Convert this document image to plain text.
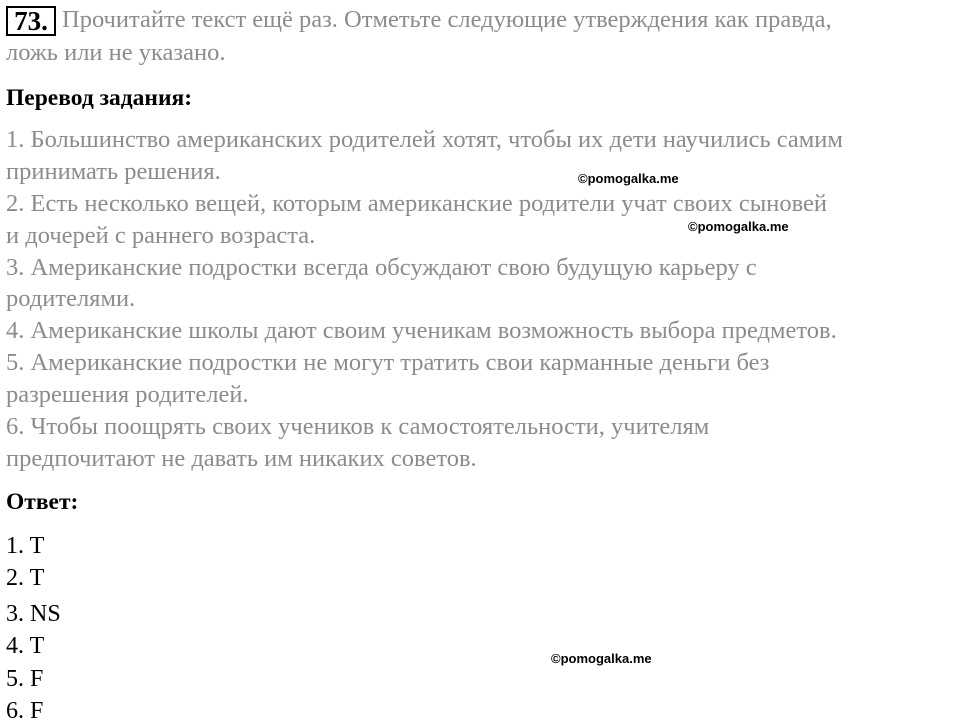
73. Прочитайте текст ещё раз. Отметьте следующие утверждения как правда,
ложь или не указано.
Перевод задания:
1. Большинство американских родителей хотят, чтобы их дети научились самим
принимать решения.
2. Есть несколько вещей, которым американские родители учат своих сыновей
и дочерей с раннего возраста.
3. Американские подростки всегда обсуждают свою будущую карьеру с
родителями.
4. Американские школы дают своим ученикам возможность выбора предметов.
5. Американские подростки не могут тратить свои карманные деньги без
разрешения родителей.
6. Чтобы поощрять своих учеников к самостоятельности, учителям
предпочитают не давать им никаких советов.
Ответ:
1. T
2. T
3. NS
4. T
5. F
6. F
©pomogalka.me
©pomogalka.me
©pomogalka.me
